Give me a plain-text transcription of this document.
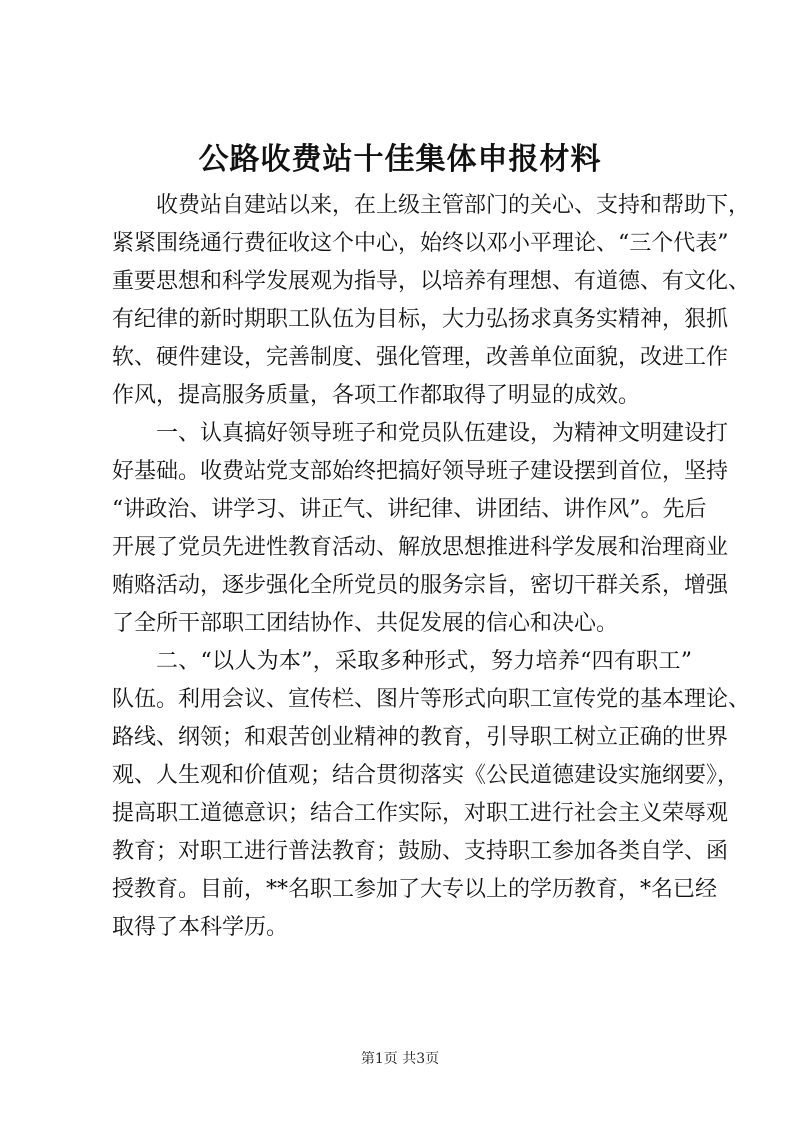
公路收费站十佳集体申报材料
收费站自建站以来，在上级主管部门的关心、支持和帮助下，
紧紧围绕通行费征收这个中心，始终以邓小平理论、“三个代表”
重要思想和科学发展观为指导，以培养有理想、有道德、有文化、
有纪律的新时期职工队伍为目标，大力弘扬求真务实精神，狠抓
软、硬件建设，完善制度、强化管理，改善单位面貌，改进工作
作风，提高服务质量，各项工作都取得了明显的成效。
一、认真搞好领导班子和党员队伍建设，为精神文明建设打
好基础。收费站党支部始终把搞好领导班子建设摆到首位，坚持
“讲政治、讲学习、讲正气、讲纪律、讲团结、讲作风”。先后
开展了党员先进性教育活动、解放思想推进科学发展和治理商业
贿赂活动，逐步强化全所党员的服务宗旨，密切干群关系，增强
了全所干部职工团结协作、共促发展的信心和决心。
二、“以人为本”，采取多种形式，努力培养“四有职工”
队伍。利用会议、宣传栏、图片等形式向职工宣传党的基本理论、
路线、纲领；和艰苦创业精神的教育，引导职工树立正确的世界
观、人生观和价值观；结合贯彻落实《公民道德建设实施纲要》，
提高职工道德意识；结合工作实际，对职工进行社会主义荣辱观
教育；对职工进行普法教育；鼓励、支持职工参加各类自学、函
授教育。目前，**名职工参加了大专以上的学历教育，*名已经
取得了本科学历。
第1页 共3页
